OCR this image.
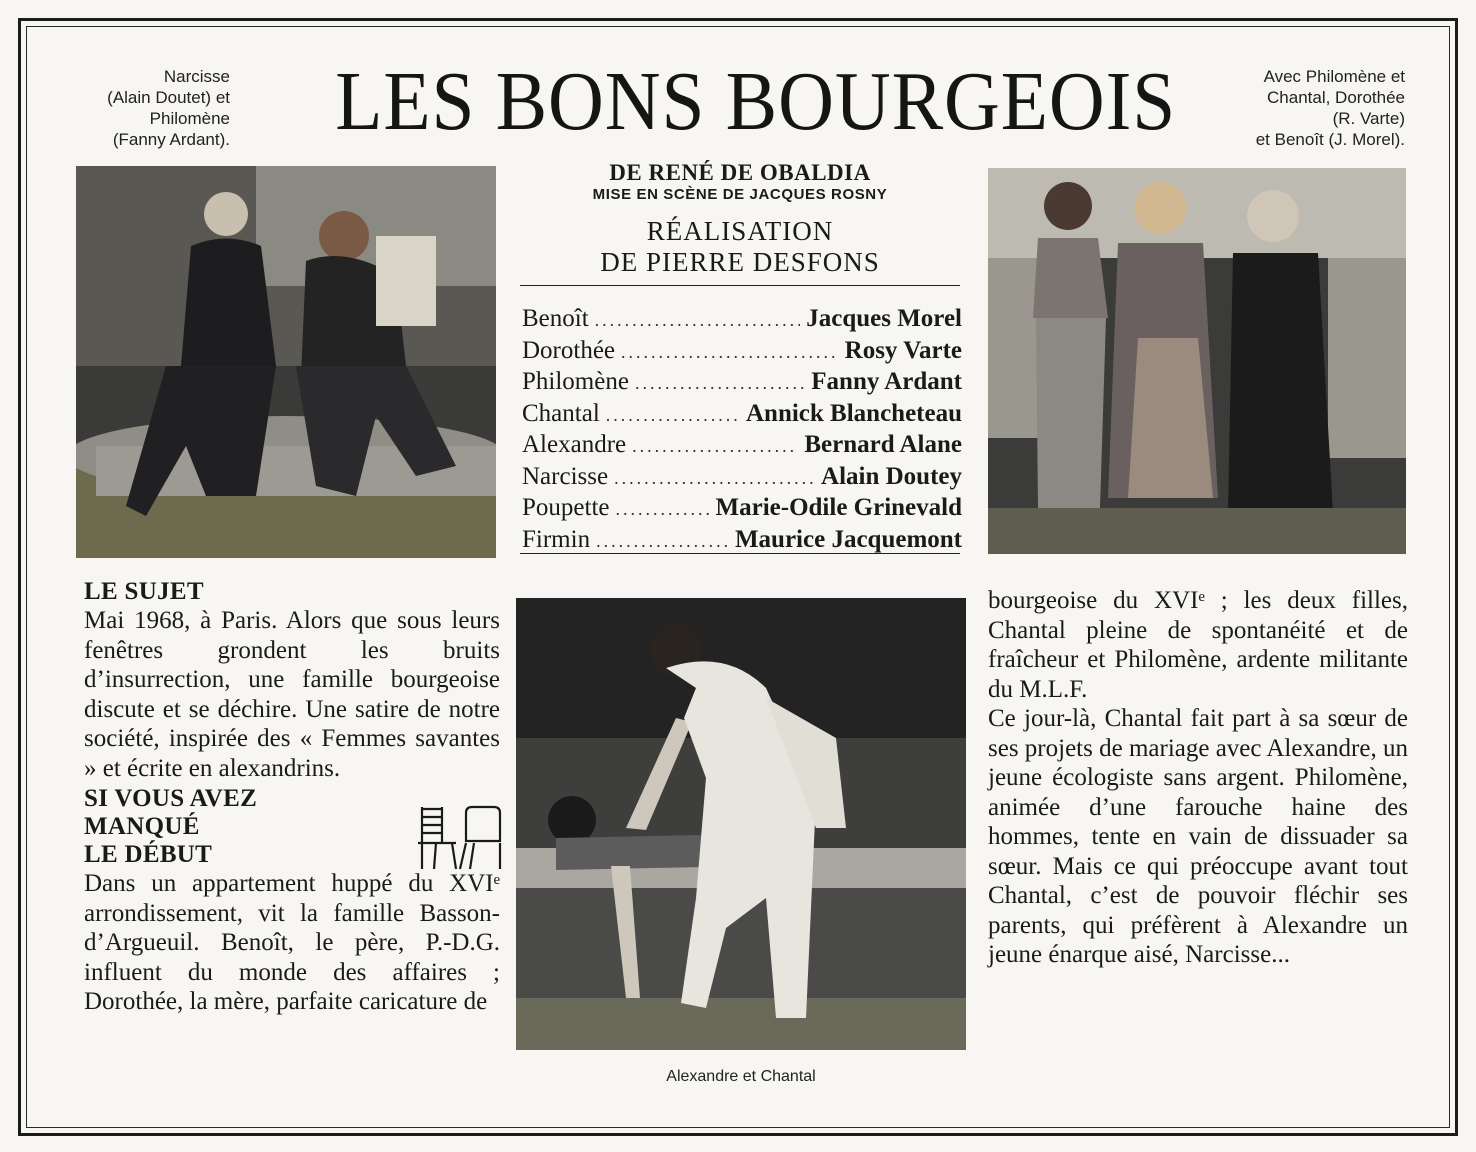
Narcisse
(Alain Doutet) et
Philomène
(Fanny Ardant). LES BONS BOURGEOIS	Avec Philomène et
Chantal, Dorothée
(R. Varte)
et Benoît (J. Morel).
DE RENÉ DE OBALDIA
MISE EN SCÈNE DE JACQUES ROSNY
RÉALISATION
DE PIERRE DESFONS
Benoît .....	Jacques Morel
Dorothée .....	Rosy Varte
Philomène .....	Fanny Ardant
Chantal .....	Annick Blancheteau
Alexandre .....	Bernard Alane
Narcisse .....	Alain Doutey
Poupette .....	Marie-Odile Grinevald
Firmin .....	Maurice Jacquemont
LE SUJET

Mai 1968, à Paris. Alors que sous leurs fenêtres grondent les bruits d’insurrection, une famille bourgeoise discute et se déchire. Une satire de notre société, inspirée des « Femmes savantes » et écrite en alexandrins.

SI VOUS AVEZ
MANQUÉ
LE DÉBUT

Dans un appartement huppé du XVIᵉ arrondissement, vit la famille Basson-d’Argueuil. Benoît, le père, P.-D.G. influent du monde des affaires ; Dorothée, la mère, parfaite caricature de

Alexandre et Chantal

bourgeoise du XVIᵉ ; les deux filles, Chantal pleine de spontanéité et de fraîcheur et Philomène, ardente militante du M.L.F.

Ce jour-là, Chantal fait part à sa sœur de ses projets de mariage avec Alexandre, un jeune écologiste sans argent. Philomène, animée d’une farouche haine des hommes, tente en vain de dissuader sa sœur. Mais ce qui préoccupe avant tout Chantal, c’est de pouvoir fléchir ses parents, qui préfèrent à Alexandre un jeune énarque aisé, Narcisse...
